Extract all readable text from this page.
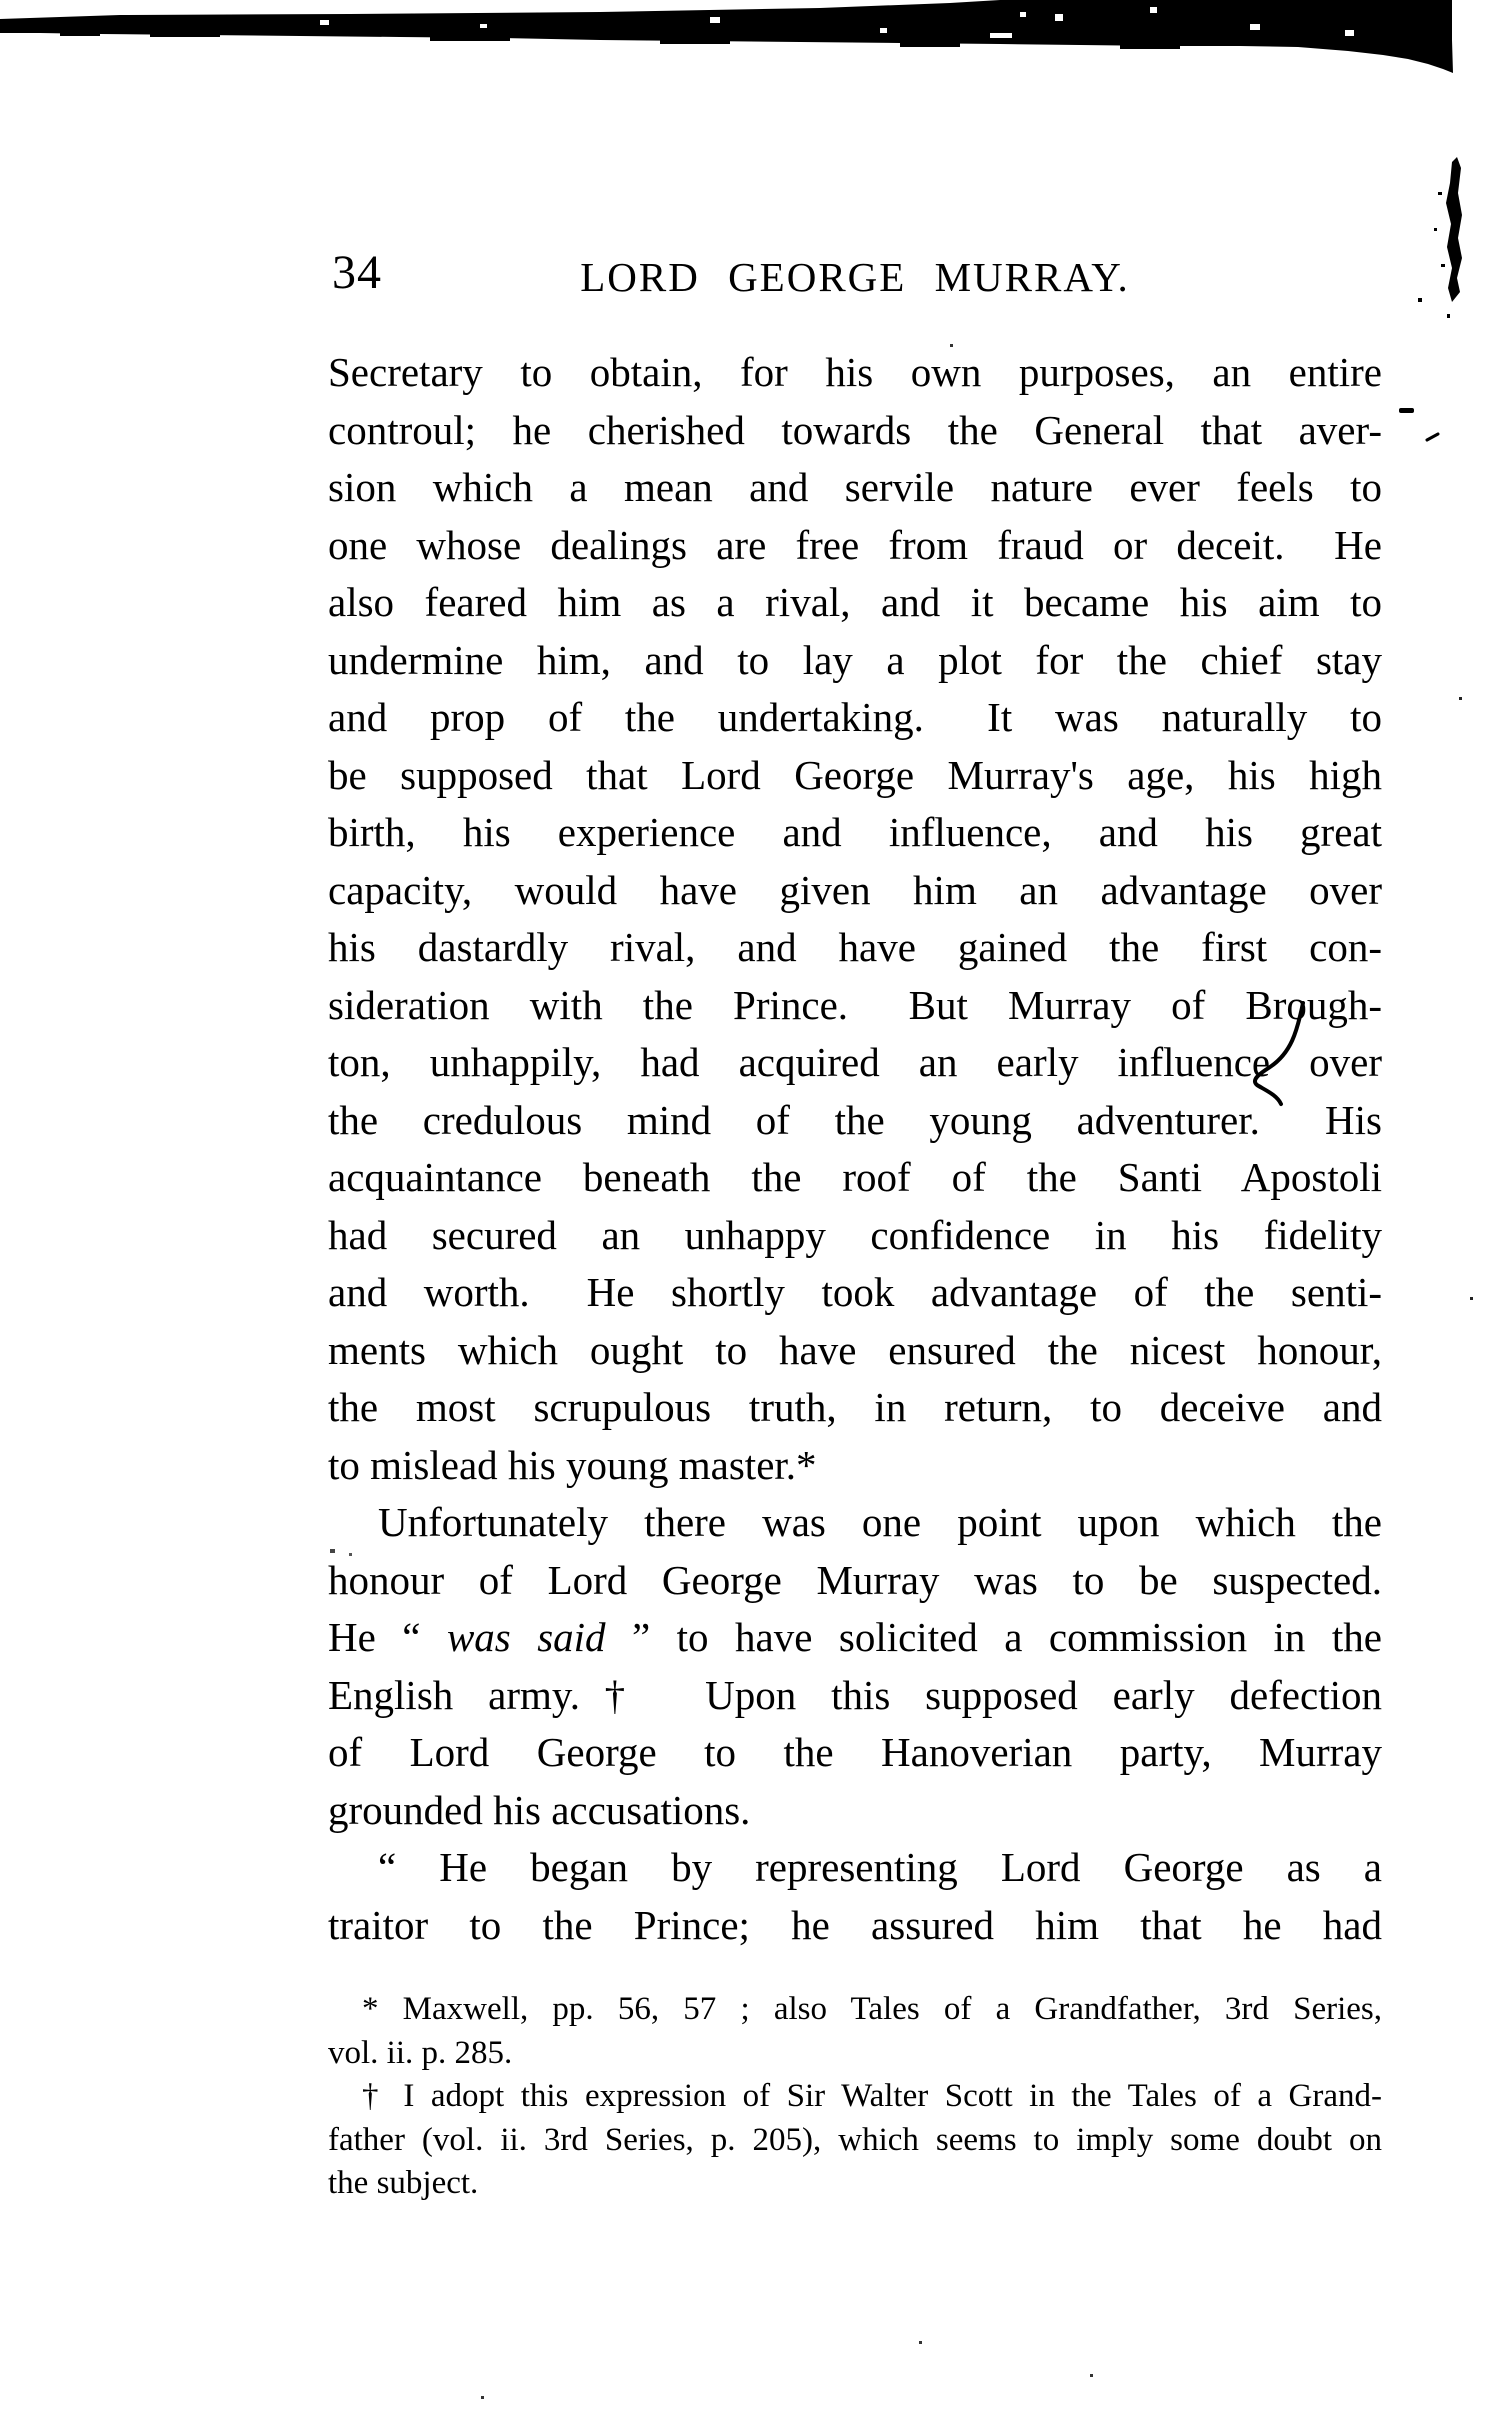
34	LORD GEORGE MURRAY.
Secretary to obtain, for his own purposes, an entire
controul; he cherished towards the General that aver-
sion which a mean and servile nature ever feels to
one whose dealings are free from fraud or deceit.  He
also feared him as a rival, and it became his aim to
undermine him, and to lay a plot for the chief stay
and prop of the undertaking.  It was naturally to
be supposed that Lord George Murray's age, his high
birth, his experience and influence, and his great
capacity, would have given him an advantage over
his dastardly rival, and have gained the first con-
sideration with the Prince.  But Murray of Brough-
ton, unhappily, had acquired an early influence over
the credulous mind of the young adventurer.  His
acquaintance beneath the roof of the Santi Apostoli
had secured an unhappy confidence in his fidelity
and worth.  He shortly took advantage of the senti-
ments which ought to have ensured the nicest honour,
the most scrupulous truth, in return, to deceive and
to mislead his young master.*
Unfortunately there was one point upon which the
honour of Lord George Murray was to be suspected.
He “ was said ” to have solicited a commission in the
English army.†  Upon this supposed early defection
of Lord George to the Hanoverian party, Murray
grounded his accusations.
“ He began by representing Lord George as a
traitor to the Prince; he assured him that he had
* Maxwell, pp. 56, 57 ; also Tales of a Grandfather, 3rd Series,
vol. ii. p. 285.
† I adopt this expression of Sir Walter Scott in the Tales of a Grand-
father (vol. ii. 3rd Series, p. 205), which seems to imply some doubt on
the subject.
